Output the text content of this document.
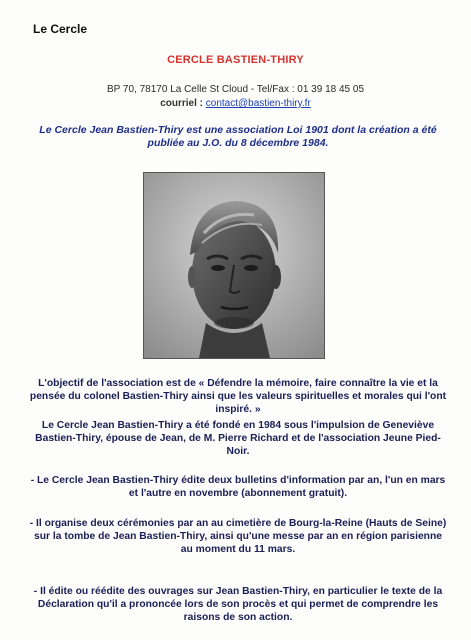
Le Cercle
CERCLE BASTIEN-THIRY
BP 70, 78170 La Celle St Cloud - Tel/Fax : 01 39 18 45 05
courriel : contact@bastien-thiry.fr
Le Cercle Jean Bastien-Thiry est une association Loi 1901 dont la création a été publiée au J.O. du 8 décembre 1984.
L'objectif de l'association est de « Défendre la mémoire, faire connaître la vie et la pensée du colonel Bastien-Thiry ainsi que les valeurs spirituelles et morales qui l'ont inspiré. »
Le Cercle Jean Bastien-Thiry a été fondé en 1984 sous l'impulsion de Geneviève Bastien-Thiry, épouse de Jean, de M. Pierre Richard et de l'association Jeune Pied-Noir.
- Le Cercle Jean Bastien-Thiry édite deux bulletins d'information par an, l'un en mars et l'autre en novembre (abonnement gratuit).
- Il organise deux cérémonies par an au cimetière de Bourg-la-Reine (Hauts de Seine) sur la tombe de Jean Bastien-Thiry, ainsi qu'une messe par an en région parisienne au moment du 11 mars.
- Il édite ou réédite des ouvrages sur Jean Bastien-Thiry, en particulier le texte de la Déclaration qu'il a prononcée lors de son procès et qui permet de comprendre les raisons de son action.
